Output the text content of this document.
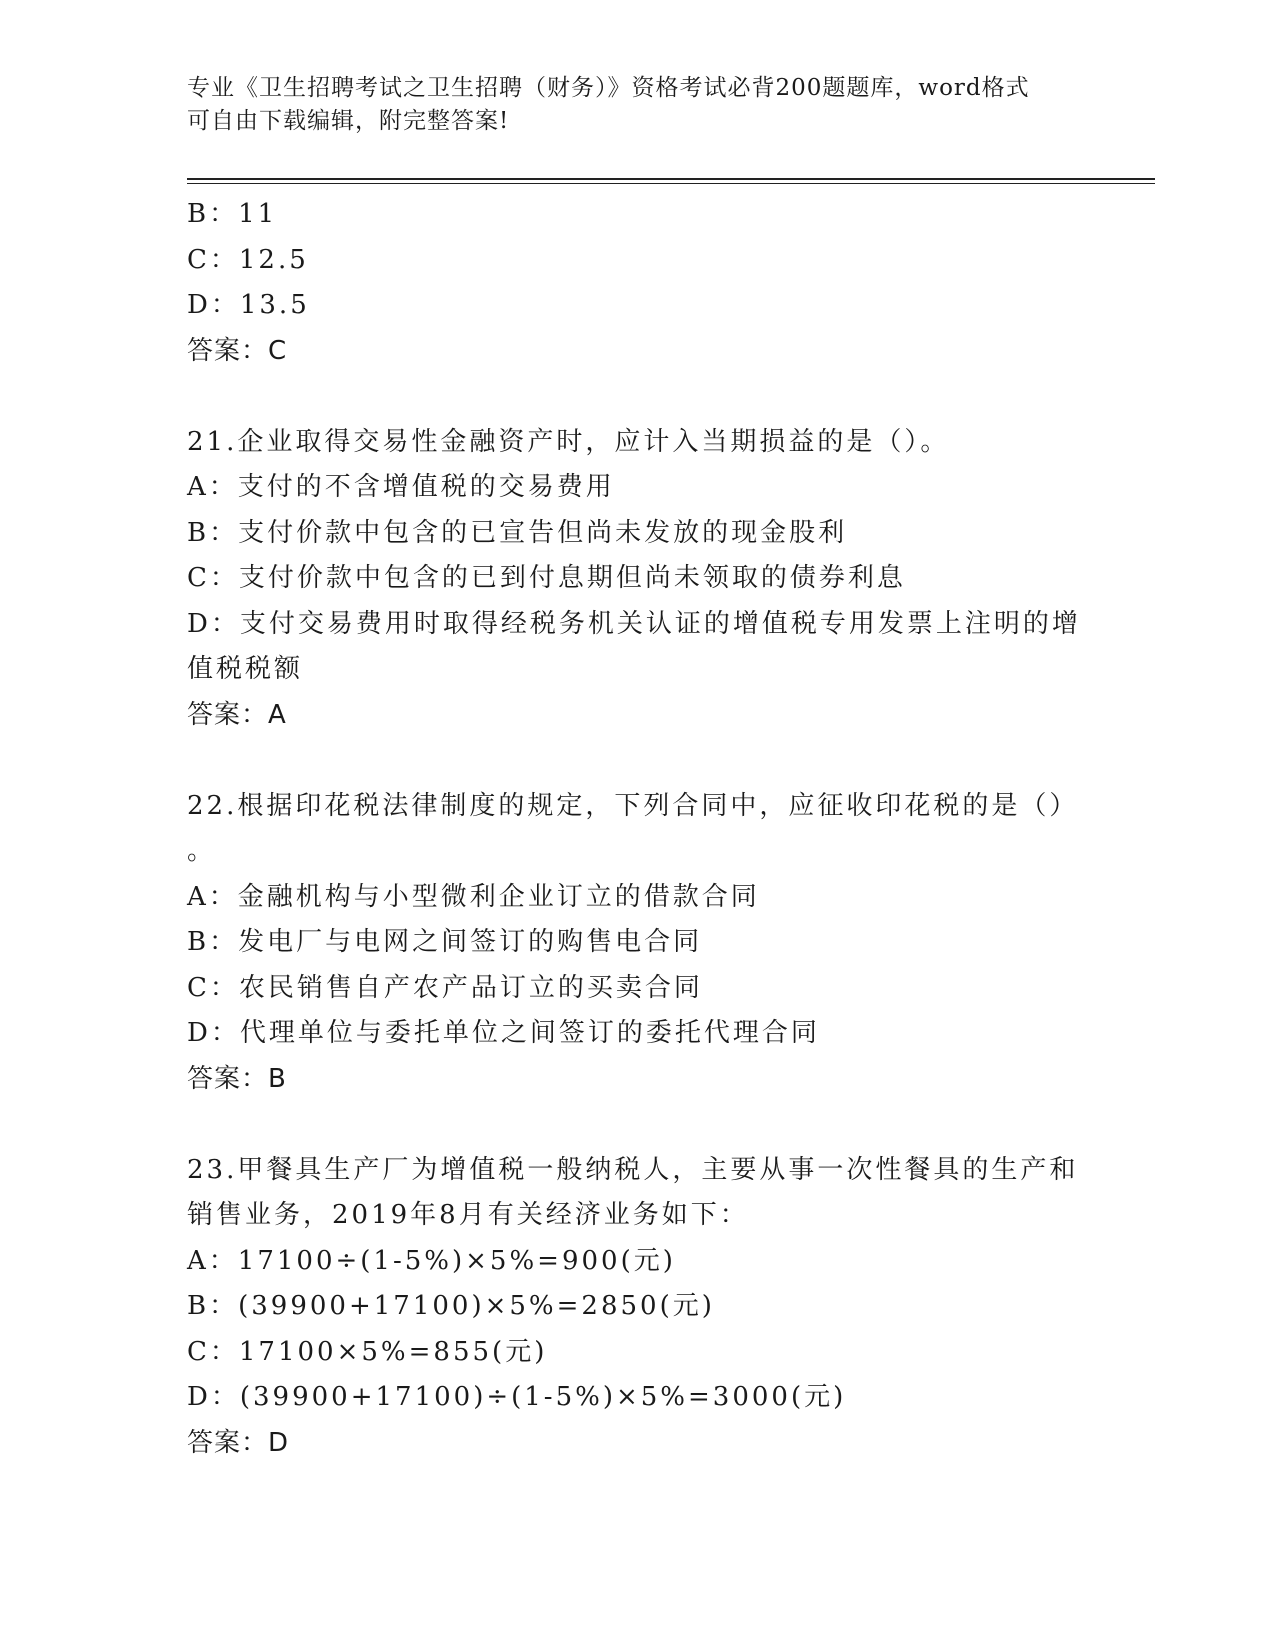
专业《卫生招聘考试之卫生招聘（财务）》资格考试必背200题题库，word格式
可自由下载编辑，附完整答案!
B：11
C：12.5
D：13.5
答案：C
21.企业取得交易性金融资产时，应计入当期损益的是（）。
A：支付的不含增值税的交易费用
B：支付价款中包含的已宣告但尚未发放的现金股利
C：支付价款中包含的已到付息期但尚未领取的债券利息
D：支付交易费用时取得经税务机关认证的增值税专用发票上注明的增
值税税额
答案：A
22.根据印花税法律制度的规定，下列合同中，应征收印花税的是（）
。
A：金融机构与小型微利企业订立的借款合同
B：发电厂与电网之间签订的购售电合同
C：农民销售自产农产品订立的买卖合同
D：代理单位与委托单位之间签订的委托代理合同
答案：B
23.甲餐具生产厂为增值税一般纳税人，主要从事一次性餐具的生产和
销售业务，2019年8月有关经济业务如下：
A：17100÷(1-5%)×5%=900(元)
B：(39900+17100)×5%=2850(元)
C：17100×5%=855(元)
D：(39900+17100)÷(1-5%)×5%=3000(元)
答案：D
